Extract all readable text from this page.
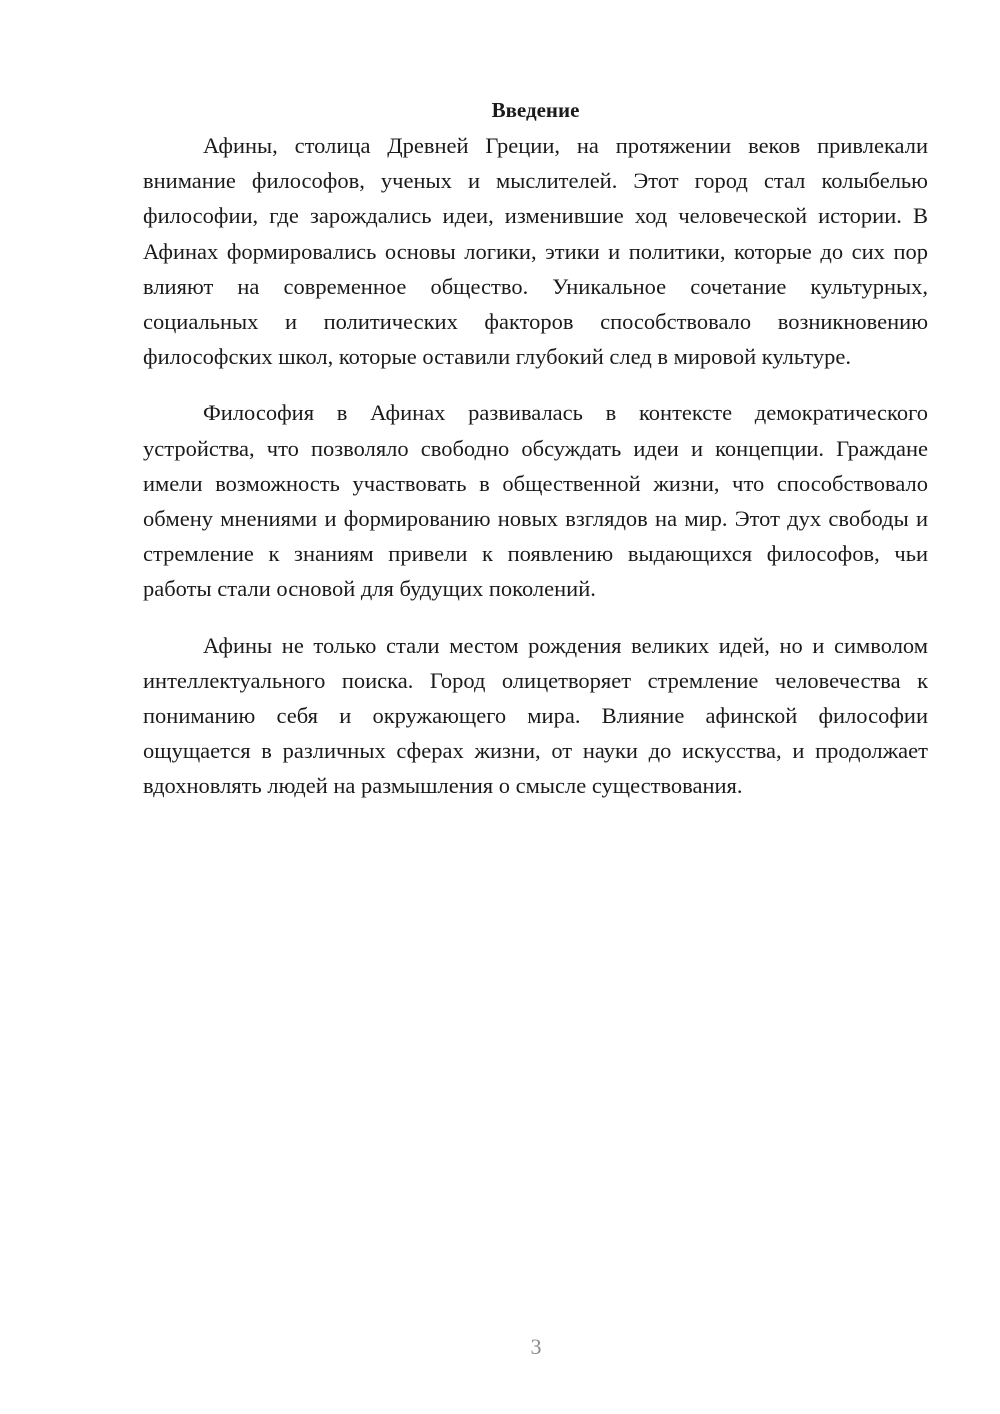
Введение

Афины, столица Древней Греции, на протяжении веков привлекали внимание философов, ученых и мыслителей. Этот город стал колыбелью философии, где зарождались идеи, изменившие ход человеческой истории. В Афинах формировались основы логики, этики и политики, которые до сих пор влияют на современное общество. Уникальное сочетание культурных, социальных и политических факторов способствовало возникновению философских школ, которые оставили глубокий след в мировой культуре.

Философия в Афинах развивалась в контексте демократического устройства, что позволяло свободно обсуждать идеи и концепции. Граждане имели возможность участвовать в общественной жизни, что способствовало обмену мнениями и формированию новых взглядов на мир. Этот дух свободы и стремление к знаниям привели к появлению выдающихся философов, чьи работы стали основой для будущих поколений.

Афины не только стали местом рождения великих идей, но и символом интеллектуального поиска. Город олицетворяет стремление человечества к пониманию себя и окружающего мира. Влияние афинской философии ощущается в различных сферах жизни, от науки до искусства, и продолжает вдохновлять людей на размышления о смысле существования.

3
